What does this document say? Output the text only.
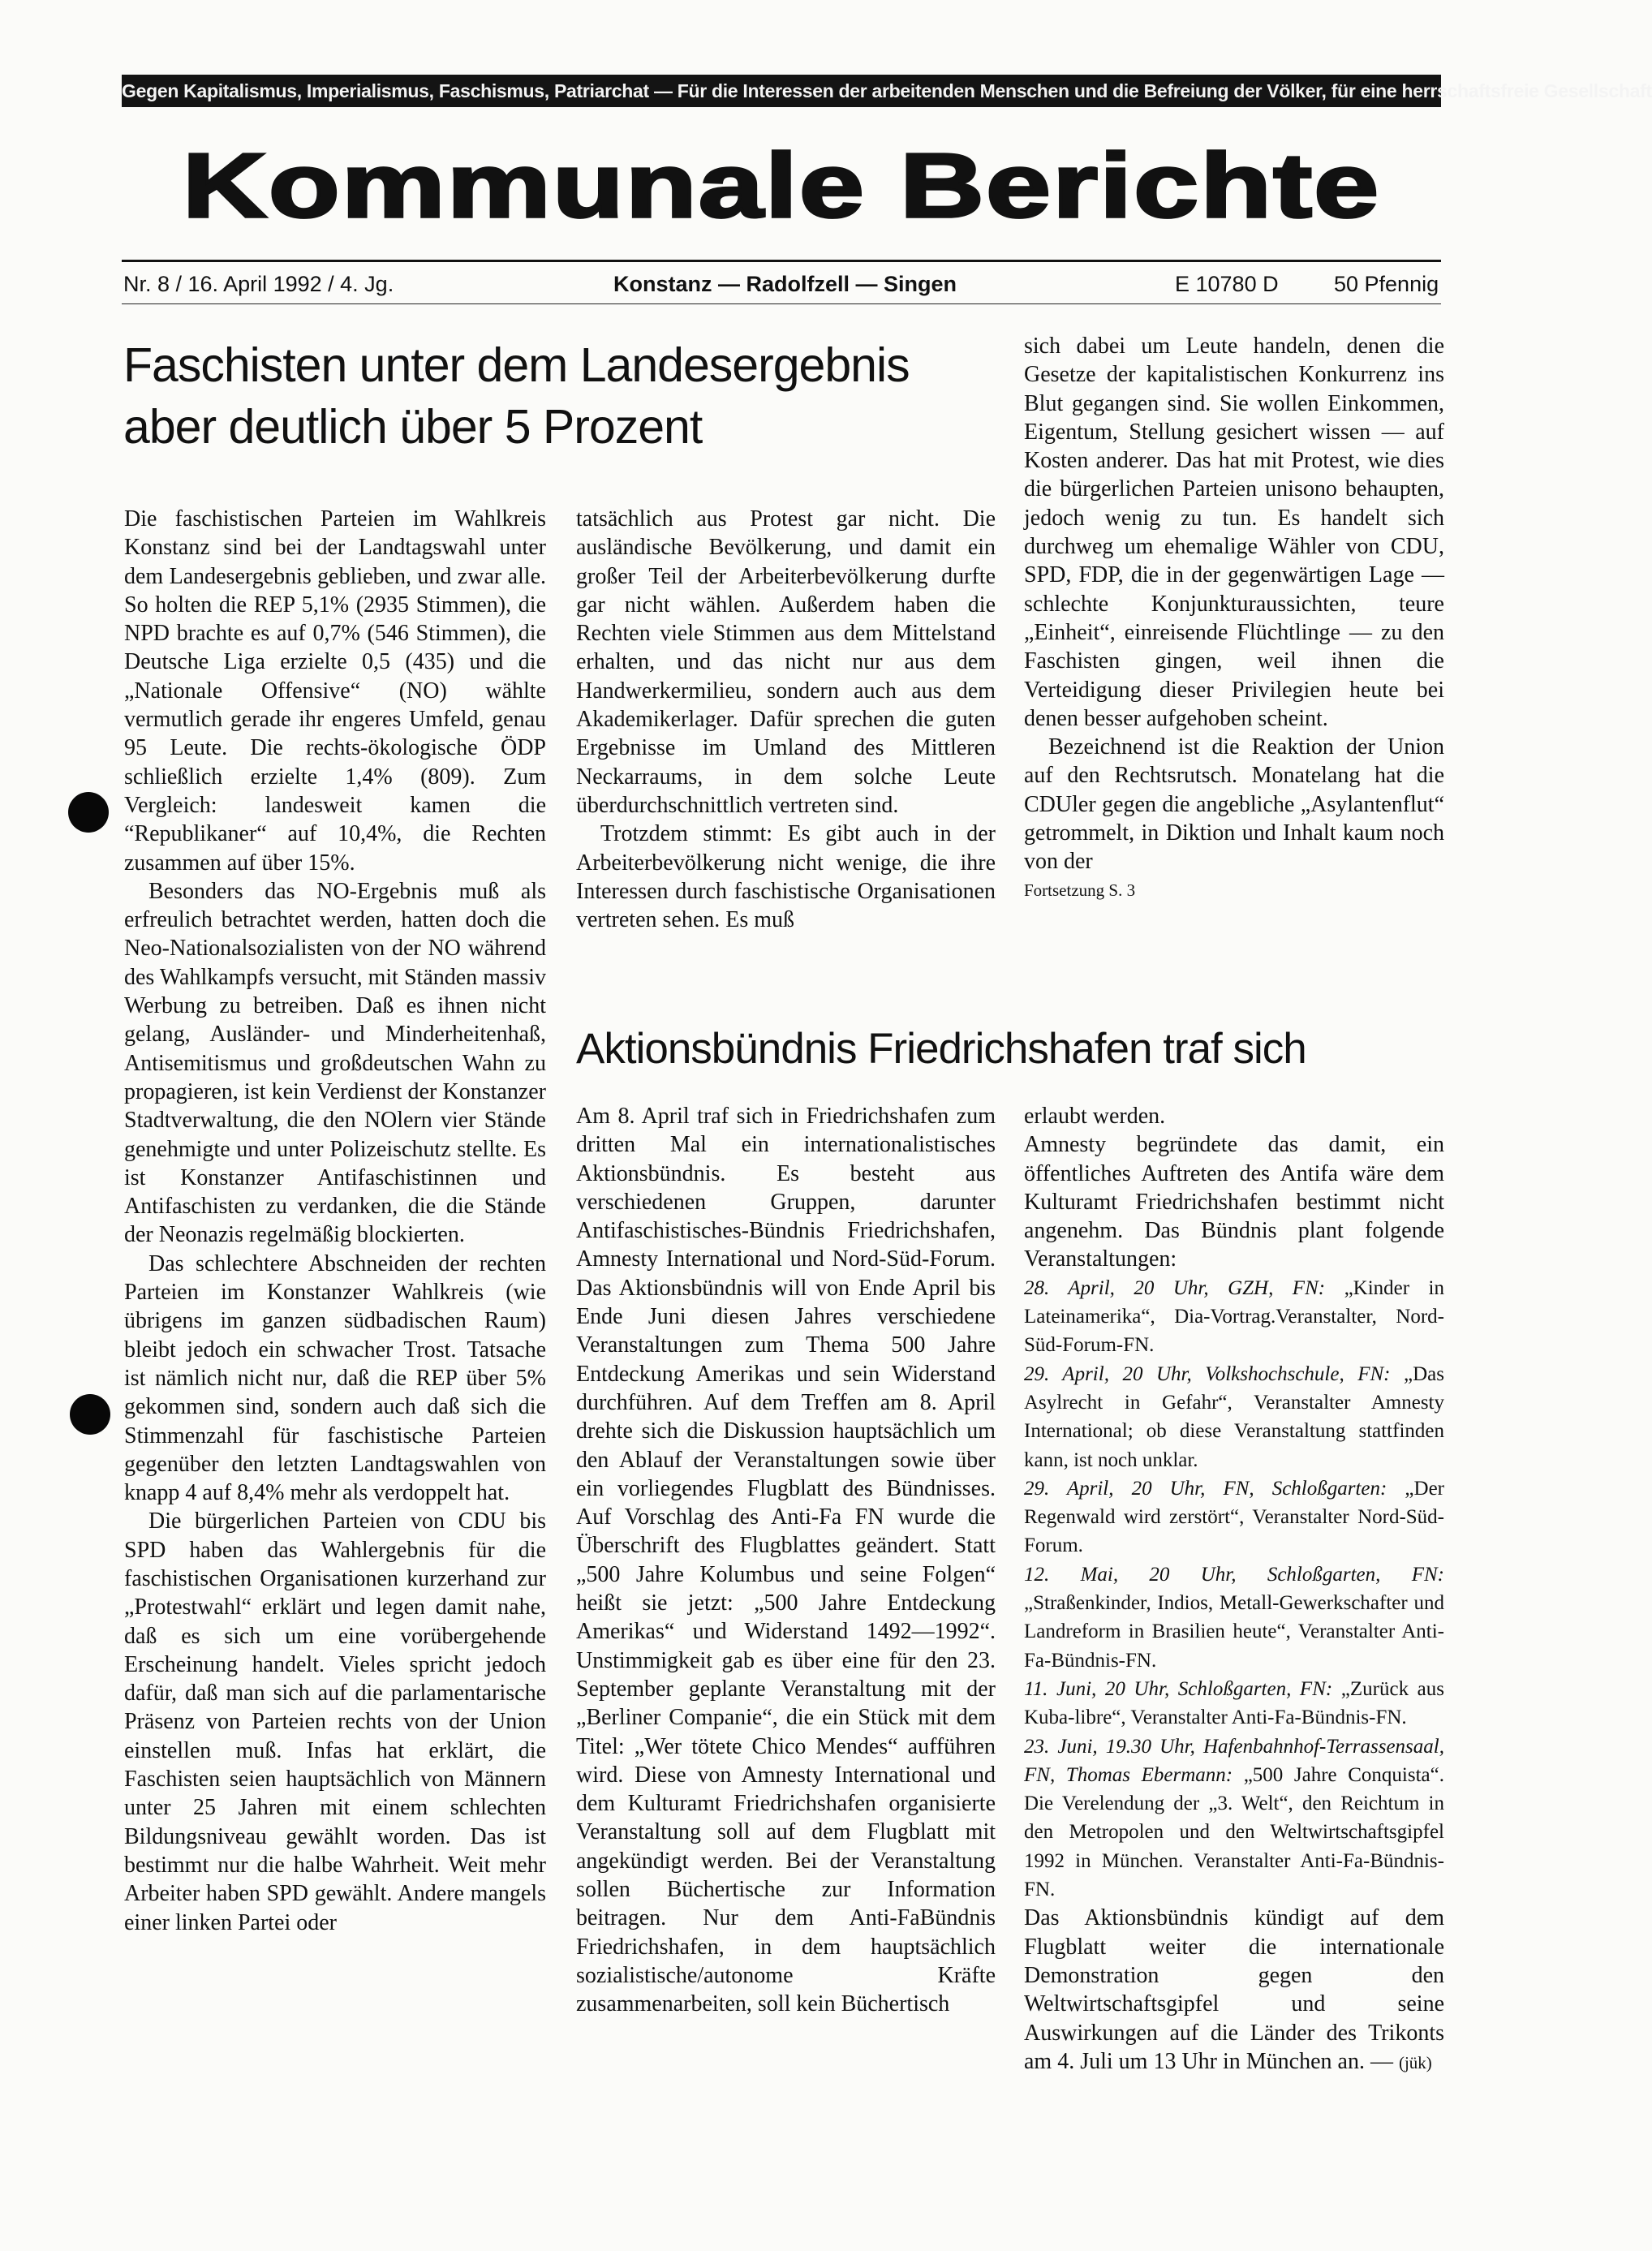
Gegen Kapitalismus, Imperialismus, Faschismus, Patriarchat — Für die Interessen der arbeitenden Menschen und die Befreiung der Völker, für eine herrschaftsfreie Gesellschaft
Kommunale Berichte
Nr. 8 / 16. April 1992 / 4. Jg.	Konstanz — Radolfzell — Singen	E 10780 D	50 Pfennig
Faschisten unter dem Landesergebnis aber deutlich über 5 Prozent

Die faschistischen Parteien im Wahlkreis Konstanz sind bei der Landtagswahl unter dem Landesergebnis geblieben, und zwar alle. So holten die REP 5,1% (2935 Stimmen), die NPD brachte es auf 0,7% (546 Stimmen), die Deutsche Liga erzielte 0,5 (435) und die „Nationale Offensive“ (NO) wählte vermutlich gerade ihr engeres Umfeld, genau 95 Leute. Die rechts-ökologische ÖDP schließlich erzielte 1,4% (809). Zum Vergleich: landesweit kamen die “Republikaner“ auf 10,4%, die Rechten zusammen auf über 15%.

Besonders das NO-Ergebnis muß als erfreulich betrachtet werden, hatten doch die Neo-Nationalsozialisten von der NO während des Wahlkampfs versucht, mit Ständen massiv Werbung zu betreiben. Daß es ihnen nicht gelang, Ausländer- und Minderheitenhaß, Antisemitismus und großdeutschen Wahn zu propagieren, ist kein Verdienst der Konstanzer Stadtverwaltung, die den NOlern vier Stände genehmigte und unter Polizeischutz stellte. Es ist Konstanzer Antifaschistinnen und Antifaschisten zu verdanken, die die Stände der Neonazis regelmäßig blockierten.

Das schlechtere Abschneiden der rechten Parteien im Konstanzer Wahlkreis (wie übrigens im ganzen südbadischen Raum) bleibt jedoch ein schwacher Trost. Tatsache ist nämlich nicht nur, daß die REP über 5% gekommen sind, sondern auch daß sich die Stimmenzahl für faschistische Parteien gegenüber den letzten Landtagswahlen von knapp 4 auf 8,4% mehr als verdoppelt hat.

Die bürgerlichen Parteien von CDU bis SPD haben das Wahlergebnis für die faschistischen Organisationen kurzerhand zur „Protestwahl“ erklärt und legen damit nahe, daß es sich um eine vorübergehende Erscheinung handelt. Vieles spricht jedoch dafür, daß man sich auf die parlamentarische Präsenz von Parteien rechts von der Union einstellen muß. Infas hat erklärt, die Faschisten seien hauptsächlich von Männern unter 25 Jahren mit einem schlechten Bildungsniveau gewählt worden. Das ist bestimmt nur die halbe Wahrheit. Weit mehr Arbeiter haben SPD gewählt. Andere mangels einer linken Partei oder

tatsächlich aus Protest gar nicht. Die ausländische Bevölkerung, und damit ein großer Teil der Arbeiterbevölkerung durfte gar nicht wählen. Außerdem haben die Rechten viele Stimmen aus dem Mittelstand erhalten, und das nicht nur aus dem Handwerkermilieu, sondern auch aus dem Akademikerlager. Dafür sprechen die guten Ergebnisse im Umland des Mittleren Neckarraums, in dem solche Leute überdurchschnittlich vertreten sind.

Trotzdem stimmt: Es gibt auch in der Arbeiterbevölkerung nicht wenige, die ihre Interessen durch faschistische Organisationen vertreten sehen. Es muß

sich dabei um Leute handeln, denen die Gesetze der kapitalistischen Konkurrenz ins Blut gegangen sind. Sie wollen Einkommen, Eigentum, Stellung gesichert wissen — auf Kosten anderer. Das hat mit Protest, wie dies die bürgerlichen Parteien unisono behaupten, jedoch wenig zu tun. Es handelt sich durchweg um ehemalige Wähler von CDU, SPD, FDP, die in der gegenwärtigen Lage — schlechte Konjunkturaussichten, teure „Einheit“, einreisende Flüchtlinge — zu den Faschisten gingen, weil ihnen die Verteidigung dieser Privilegien heute bei denen besser aufgehoben scheint.

Bezeichnend ist die Reaktion der Union auf den Rechtsrutsch. Monatelang hat die CDUler gegen die angebliche „Asylantenflut“ getrommelt, in Diktion und Inhalt kaum noch von der

Fortsetzung S. 3

Aktionsbündnis Friedrichshafen traf sich

Am 8. April traf sich in Friedrichshafen zum dritten Mal ein internationalistisches Aktionsbündnis. Es besteht aus verschiedenen Gruppen, darunter Antifaschistisches-Bündnis Friedrichshafen, Amnesty International und Nord-Süd-Forum. Das Aktionsbündnis will von Ende April bis Ende Juni diesen Jahres verschiedene Veranstaltungen zum Thema 500 Jahre Entdeckung Amerikas und sein Widerstand durchführen. Auf dem Treffen am 8. April drehte sich die Diskussion hauptsächlich um den Ablauf der Veranstaltungen sowie über ein vorliegendes Flugblatt des Bündnisses. Auf Vorschlag des Anti-Fa FN wurde die Überschrift des Flugblattes geändert. Statt „500 Jahre Kolumbus und seine Folgen“ heißt sie jetzt: „500 Jahre Entdeckung Amerikas“ und Widerstand 1492—1992“. Unstimmigkeit gab es über eine für den 23. September geplante Veranstaltung mit der „Berliner Companie“, die ein Stück mit dem Titel: „Wer tötete Chico Mendes“ aufführen wird. Diese von Amnesty International und dem Kulturamt Friedrichshafen organisierte Veranstaltung soll auf dem Flugblatt mit angekündigt werden. Bei der Veranstaltung sollen Büchertische zur Information beitragen. Nur dem Anti-FaBündnis Friedrichshafen, in dem hauptsächlich sozialistische/autonome Kräfte zusammenarbeiten, soll kein Büchertisch

erlaubt werden.

Amnesty begründete das damit, ein öffentliches Auftreten des Antifa wäre dem Kulturamt Friedrichshafen bestimmt nicht angenehm. Das Bündnis plant folgende Veranstaltungen:

28. April, 20 Uhr, GZH, FN: „Kinder in Lateinamerika“, Dia-Vortrag.Veranstalter, Nord-Süd-Forum-FN.

29. April, 20 Uhr, Volkshochschule, FN: „Das Asylrecht in Gefahr“, Veranstalter Amnesty International; ob diese Veranstaltung stattfinden kann, ist noch unklar.

29. April, 20 Uhr, FN, Schloßgarten: „Der Regenwald wird zerstört“, Veranstalter Nord-Süd-Forum.

12. Mai, 20 Uhr, Schloßgarten, FN: „Straßenkinder, Indios, Metall-Gewerkschafter und Landreform in Brasilien heute“, Veranstalter Anti-Fa-Bündnis-FN.

11. Juni, 20 Uhr, Schloßgarten, FN: „Zurück aus Kuba-libre“, Veranstalter Anti-Fa-Bündnis-FN.

23. Juni, 19.30 Uhr, Hafenbahnhof-Terrassensaal, FN, Thomas Ebermann: „500 Jahre Conquista“. Die Verelendung der „3. Welt“, den Reichtum in den Metropolen und den Weltwirtschaftsgipfel 1992 in München. Veranstalter Anti-Fa-Bündnis-FN.

Das Aktionsbündnis kündigt auf dem Flugblatt weiter die internationale Demonstration gegen den Weltwirtschaftsgipfel und seine Auswirkungen auf die Länder des Trikonts am 4. Juli um 13 Uhr in München an. — (jük)
